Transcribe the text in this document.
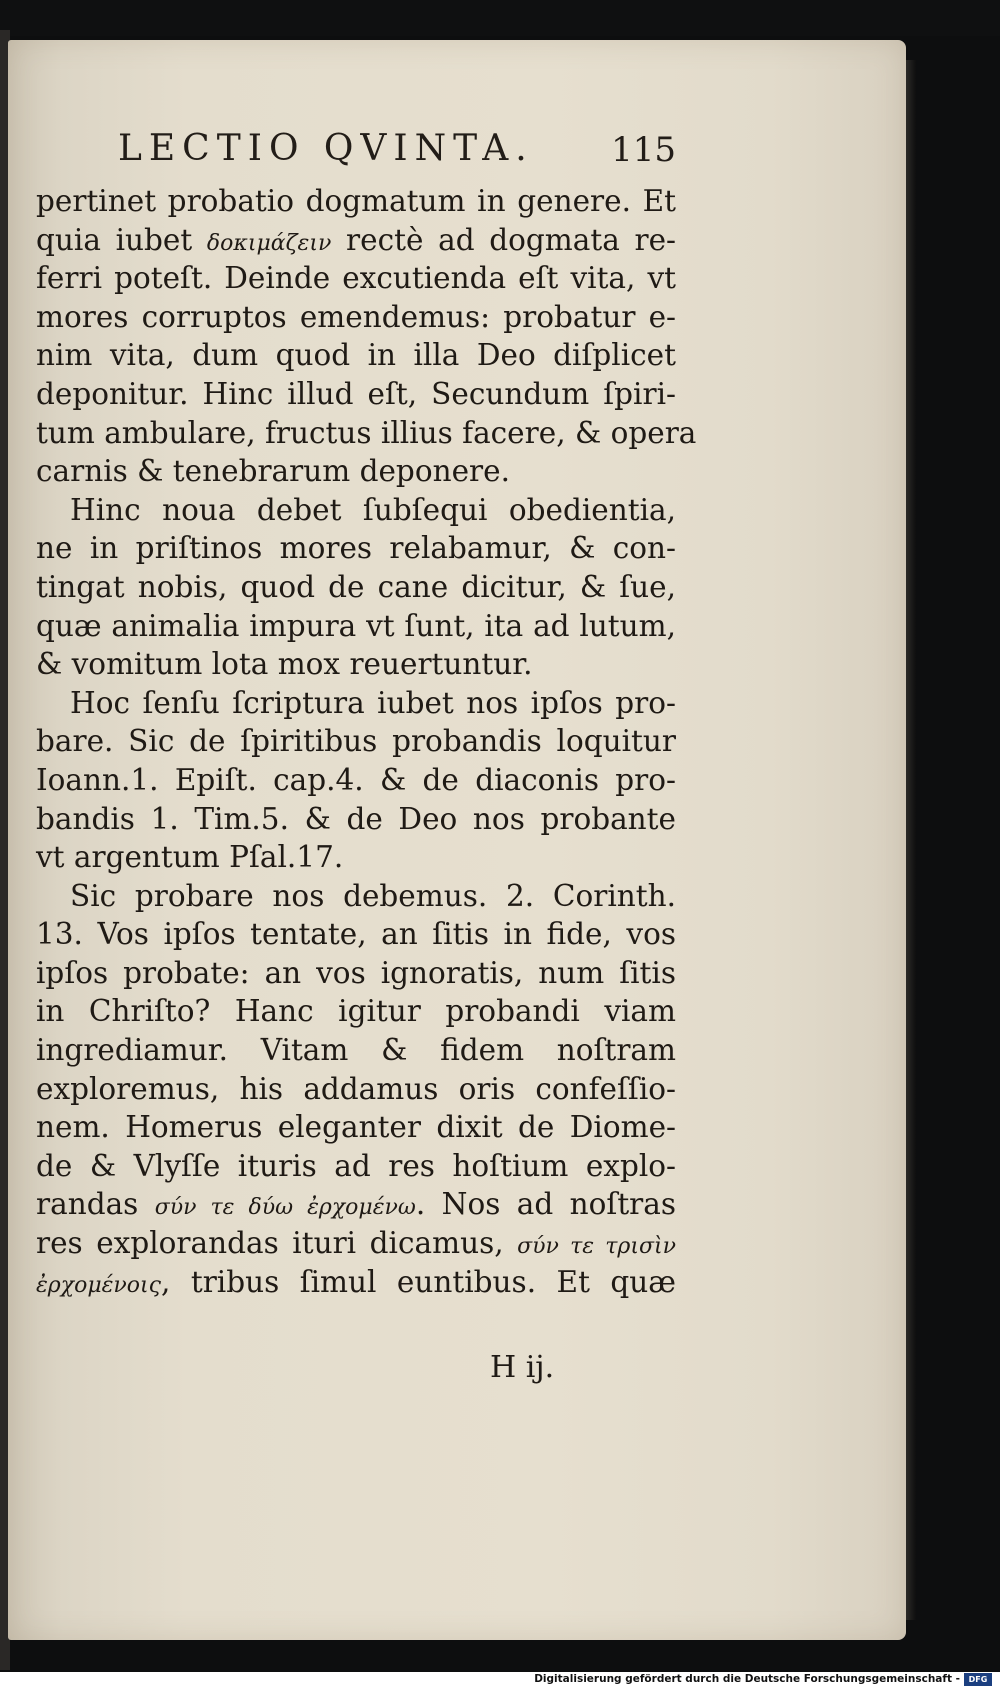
LECTIO QVINTA. 115
pertinet probatio dogmatum in genere. Et
quia iubet δοκιμάζειν rectè ad dogmata re-
ferri poteſt. Deinde excutienda eſt vita, vt
mores corruptos emendemus: probatur e-
nim vita, dum quod in illa Deo diſplicet
deponitur. Hinc illud eſt, Secundum ſpiri-
tum ambulare, fructus illius facere, & opera
carnis & tenebrarum deponere.
Hinc noua debet ſubſequi obedientia,
ne in priſtinos mores relabamur, & con-
tingat nobis, quod de cane dicitur, & ſue,
quæ animalia impura vt ſunt, ita ad lutum,
& vomitum lota mox reuertuntur.
Hoc ſenſu ſcriptura iubet nos ipſos pro-
bare. Sic de ſpiritibus probandis loquitur
Ioann.1. Epiſt. cap.4. & de diaconis pro-
bandis 1. Tim.5. & de Deo nos probante
vt argentum Pſal.17.
Sic probare nos debemus. 2. Corinth.
13. Vos ipſos tentate, an ſitis in fide, vos
ipſos probate: an vos ignoratis, num ſitis
in Chriſto? Hanc igitur probandi viam
ingrediamur. Vitam & fidem noſtram
exploremus, his addamus oris confeſſio-
nem. Homerus eleganter dixit de Diome-
de & Vlyſſe ituris ad res hoſtium explo-
randas σύν τε δύω ἐρχομένω. Nos ad noſtras
res explorandas ituri dicamus, σύν τε τρισὶν
ἐρχομένοις, tribus ſimul euntibus. Et quæ
H ij.
Digitalisierung gefördert durch die Deutsche Forschungsgemeinschaft -	DFG
